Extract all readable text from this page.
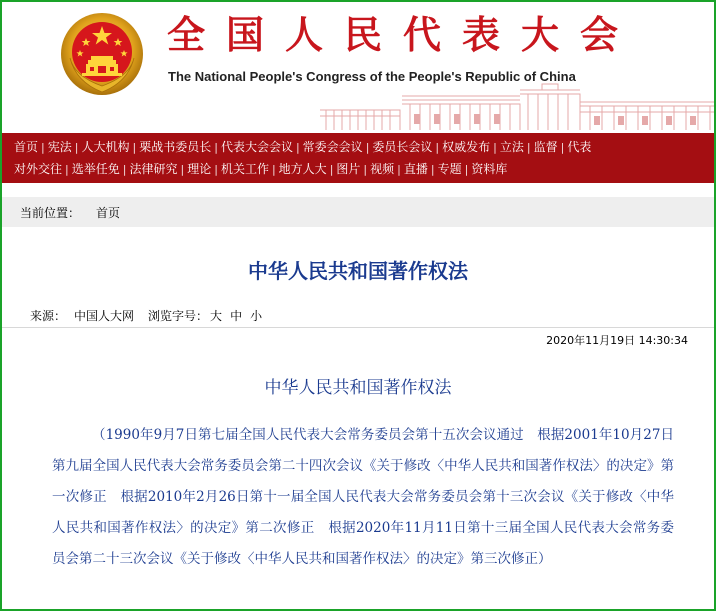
全国人民代表大会
The National People's Congress of the People's Republic of China
首页 | 宪法 | 人大机构 | 栗战书委员长 | 代表大会会议 | 常委会会议 | 委员长会议 | 权威发布 | 立法 | 监督 | 代表
对外交往 | 选举任免 | 法律研究 | 理论 | 机关工作 | 地方人大 | 图片 | 视频 | 直播 | 专题 | 资料库
当前位置： 首页
中华人民共和国著作权法
来源： 中国人大网 浏览字号： 大 中 小
2020年11月19日 14:30:34
中华人民共和国著作权法

（1990年9月7日第七届全国人民代表大会常务委员会第十五次会议通过　根据2001年10月27日第九届全国人民代表大会常务委员会第二十四次会议《关于修改〈中华人民共和国著作权法〉的决定》第一次修正　根据2010年2月26日第十一届全国人民代表大会常务委员会第十三次会议《关于修改〈中华人民共和国著作权法〉的决定》第二次修正　根据2020年11月11日第十三届全国人民代表大会常务委员会第二十三次会议《关于修改〈中华人民共和国著作权法〉的决定》第三次修正）
